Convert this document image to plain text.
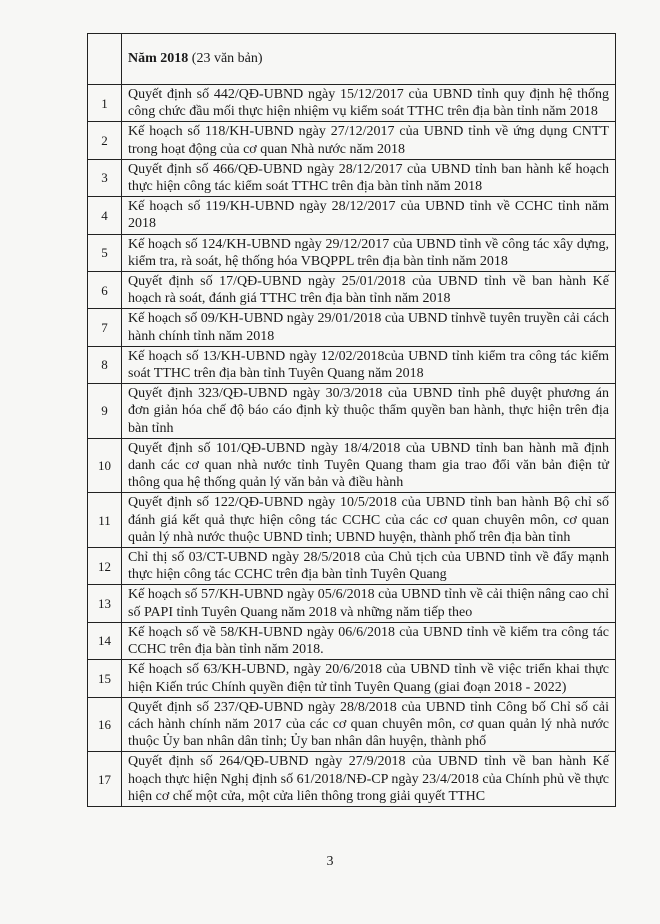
	Năm 2018 (23 văn bản)
1	Quyết định số 442/QĐ-UBND ngày 15/12/2017 của UBND tỉnh quy định hệ thống công chức đầu mối thực hiện nhiệm vụ kiểm soát TTHC trên địa bàn tỉnh năm 2018
2	Kế hoạch số 118/KH-UBND ngày 27/12/2017 của UBND tỉnh về ứng dụng CNTT trong hoạt động của cơ quan Nhà nước năm 2018
3	Quyết định số 466/QĐ-UBND ngày 28/12/2017 của UBND tỉnh ban hành kế hoạch thực hiện công tác kiểm soát TTHC trên địa bàn tỉnh năm 2018
4	Kế hoạch số 119/KH-UBND ngày 28/12/2017 của UBND tỉnh về CCHC tỉnh năm 2018
5	Kế hoạch số 124/KH-UBND ngày 29/12/2017 của UBND tỉnh về công tác xây dựng, kiểm tra, rà soát, hệ thống hóa VBQPPL trên địa bàn tỉnh năm 2018
6	Quyết định số 17/QĐ-UBND ngày 25/01/2018 của UBND tỉnh về ban hành Kế hoạch rà soát, đánh giá TTHC trên địa bàn tỉnh năm 2018
7	Kế hoạch số 09/KH-UBND ngày 29/01/2018 của UBND tỉnhvề tuyên truyền cải cách hành chính tỉnh năm 2018
8	Kế hoạch số 13/KH-UBND ngày 12/02/2018của UBND tỉnh kiểm tra công tác kiểm soát TTHC trên địa bàn tỉnh Tuyên Quang năm 2018
9	Quyết định 323/QĐ-UBND ngày 30/3/2018 của UBND tỉnh phê duyệt phương án đơn giản hóa chế độ báo cáo định kỳ thuộc thẩm quyền ban hành, thực hiện trên địa bàn tỉnh
10	Quyết định số 101/QĐ-UBND ngày 18/4/2018 của UBND tỉnh ban hành mã định danh các cơ quan nhà nước tỉnh Tuyên Quang tham gia trao đổi văn bản điện tử thông qua hệ thống quản lý văn bản và điều hành
11	Quyết định số 122/QĐ-UBND ngày 10/5/2018 của UBND tỉnh ban hành Bộ chỉ số đánh giá kết quả thực hiện công tác CCHC của các cơ quan chuyên môn, cơ quan quản lý nhà nước thuộc UBND tỉnh; UBND huyện, thành phố trên địa bàn tỉnh
12	Chỉ thị số 03/CT-UBND ngày 28/5/2018 của Chủ tịch của UBND tỉnh về đẩy mạnh thực hiện công tác CCHC trên địa bàn tỉnh Tuyên Quang
13	Kế hoạch số 57/KH-UBND ngày 05/6/2018 của UBND tỉnh về cải thiện nâng cao chỉ số PAPI tỉnh Tuyên Quang năm 2018 và những năm tiếp theo
14	Kế hoạch số về 58/KH-UBND ngày 06/6/2018 của UBND tỉnh về kiểm tra công tác CCHC trên địa bàn tỉnh năm 2018.
15	Kế hoạch số 63/KH-UBND, ngày 20/6/2018 của UBND tỉnh về việc triển khai thực hiện Kiến trúc Chính quyền điện tử tỉnh Tuyên Quang (giai đoạn 2018 - 2022)
16	Quyết định số 237/QĐ-UBND ngày 28/8/2018 của UBND tỉnh Công bố Chỉ số cải cách hành chính năm 2017 của các cơ quan chuyên môn, cơ quan quản lý nhà nước thuộc Ủy ban nhân dân tỉnh; Ủy ban nhân dân huyện, thành phố
17	Quyết định số 264/QĐ-UBND ngày 27/9/2018 của UBND tỉnh về ban hành Kế hoạch thực hiện Nghị định số 61/2018/NĐ-CP ngày 23/4/2018 của Chính phủ về thực hiện cơ chế một cửa, một cửa liên thông trong giải quyết TTHC
3
